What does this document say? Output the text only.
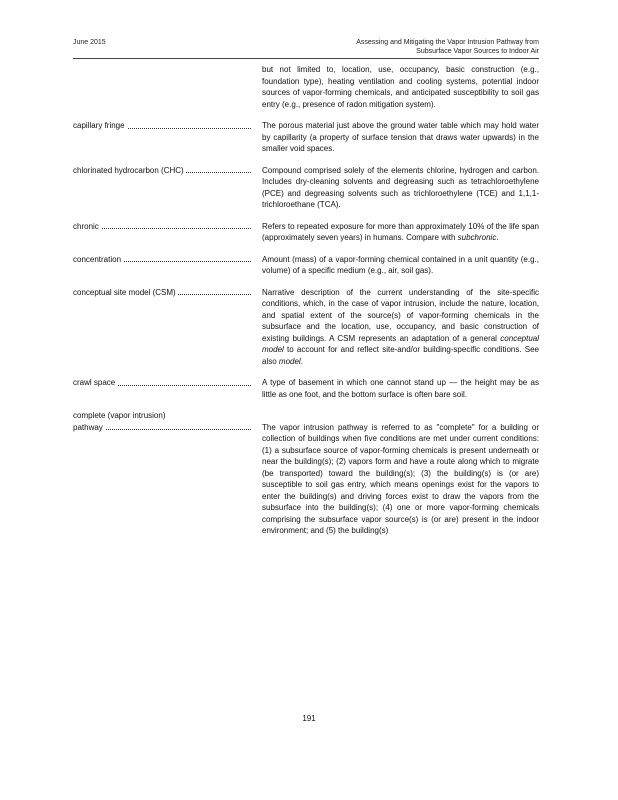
June 2015	Assessing and Mitigating the Vapor Intrusion Pathway from
Subsurface Vapor Sources to Indoor Air
but not limited to, location, use, occupancy, basic construction (e.g., foundation type), heating ventilation and cooling systems, potential indoor sources of vapor-forming chemicals, and anticipated susceptibility to soil gas entry (e.g., presence of radon mitigation system).
capillary fringe	The porous material just above the ground water table which may hold water by capillarity (a property of surface tension that draws water upwards) in the smaller void spaces.
chlorinated hydrocarbon (CHC)	Compound comprised solely of the elements chlorine, hydrogen and carbon. Includes dry-cleaning solvents and degreasing such as tetrachloroethylene (PCE) and degreasing solvents such as trichloroethylene (TCE) and 1,1,1-trichloroethane (TCA).
chronic	Refers to repeated exposure for more than approximately 10% of the life span (approximately seven years) in humans. Compare with subchronic.
concentration	Amount (mass) of a vapor-forming chemical contained in a unit quantity (e.g., volume) of a specific medium (e.g., air, soil gas).
conceptual site model (CSM)	Narrative description of the current understanding of the site-specific conditions, which, in the case of vapor intrusion, include the nature, location, and spatial extent of the source(s) of vapor-forming chemicals in the subsurface and the location, use, occupancy, and basic construction of existing buildings. A CSM represents an adaptation of a general conceptual model to account for and reflect site-and/or building-specific conditions. See also model.
crawl space	A type of basement in which one cannot stand up — the height may be as little as one foot, and the bottom surface is often bare soil.
complete (vapor intrusion)
pathway	The vapor intrusion pathway is referred to as "complete" for a building or collection of buildings when five conditions are met under current conditions: (1) a subsurface source of vapor-forming chemicals is present underneath or near the building(s); (2) vapors form and have a route along which to migrate (be transported) toward the building(s); (3) the building(s) is (or are) susceptible to soil gas entry, which means openings exist for the vapors to enter the building(s) and driving forces exist to draw the vapors from the subsurface into the building(s); (4) one or more vapor-forming chemicals comprising the subsurface vapor source(s) is (or are) present in the indoor environment; and (5) the building(s)
191
